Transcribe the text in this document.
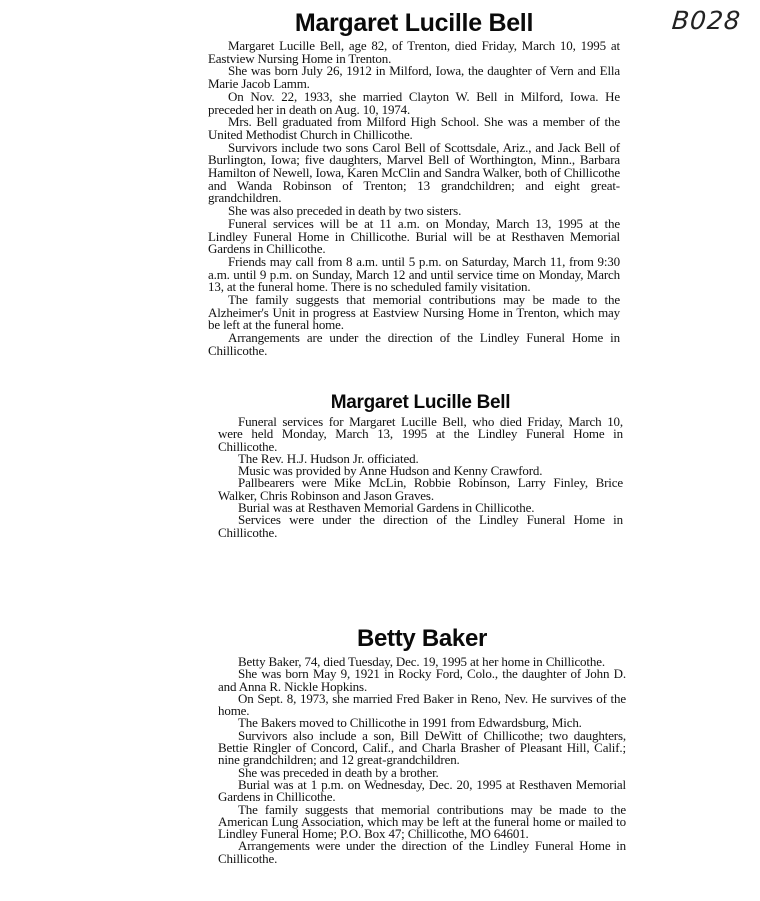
B028
Margaret Lucille Bell

Margaret Lucille Bell, age 82, of Trenton, died Friday, March 10, 1995 at Eastview Nursing Home in Trenton.

She was born July 26, 1912 in Milford, Iowa, the daughter of Vern and Ella Marie Jacob Lamm.

On Nov. 22, 1933, she married Clayton W. Bell in Milford, Iowa. He preceded her in death on Aug. 10, 1974.

Mrs. Bell graduated from Milford High School. She was a member of the United Methodist Church in Chillicothe.

Survivors include two sons Carol Bell of Scottsdale, Ariz., and Jack Bell of Burlington, Iowa; five daughters, Marvel Bell of Worthington, Minn., Barbara Hamilton of Newell, Iowa, Karen McClin and Sandra Walker, both of Chillicothe and Wanda Robinson of Trenton; 13 grandchildren; and eight great-grandchildren.

She was also preceded in death by two sisters.

Funeral services will be at 11 a.m. on Monday, March 13, 1995 at the Lindley Funeral Home in Chillicothe. Burial will be at Resthaven Memorial Gardens in Chillicothe.

Friends may call from 8 a.m. until 5 p.m. on Saturday, March 11, from 9:30 a.m. until 9 p.m. on Sunday, March 12 and until service time on Monday, March 13, at the funeral home. There is no scheduled family visitation.

The family suggests that memorial contributions may be made to the Alzheimer's Unit in progress at Eastview Nursing Home in Trenton, which may be left at the funeral home.

Arrangements are under the direction of the Lindley Funeral Home in Chillicothe.

Margaret Lucille Bell

Funeral services for Margaret Lucille Bell, who died Friday, March 10, were held Monday, March 13, 1995 at the Lindley Funeral Home in Chillicothe.

The Rev. H.J. Hudson Jr. officiated.

Music was provided by Anne Hudson and Kenny Crawford.

Pallbearers were Mike McLin, Robbie Robinson, Larry Finley, Brice Walker, Chris Robinson and Jason Graves.

Burial was at Resthaven Memorial Gardens in Chillicothe.

Services were under the direction of the Lindley Funeral Home in Chillicothe.

Betty Baker

Betty Baker, 74, died Tuesday, Dec. 19, 1995 at her home in Chillicothe.

She was born May 9, 1921 in Rocky Ford, Colo., the daughter of John D. and Anna R. Nickle Hopkins.

On Sept. 8, 1973, she married Fred Baker in Reno, Nev. He survives of the home.

The Bakers moved to Chillicothe in 1991 from Edwardsburg, Mich.

Survivors also include a son, Bill DeWitt of Chillicothe; two daughters, Bettie Ringler of Concord, Calif., and Charla Brasher of Pleasant Hill, Calif.; nine grandchildren; and 12 great-grandchildren.

She was preceded in death by a brother.

Burial was at 1 p.m. on Wednesday, Dec. 20, 1995 at Resthaven Memorial Gardens in Chillicothe.

The family suggests that memorial contributions may be made to the American Lung Association, which may be left at the funeral home or mailed to Lindley Funeral Home; P.O. Box 47; Chillicothe, MO 64601.

Arrangements were under the direction of the Lindley Funeral Home in Chillicothe.
